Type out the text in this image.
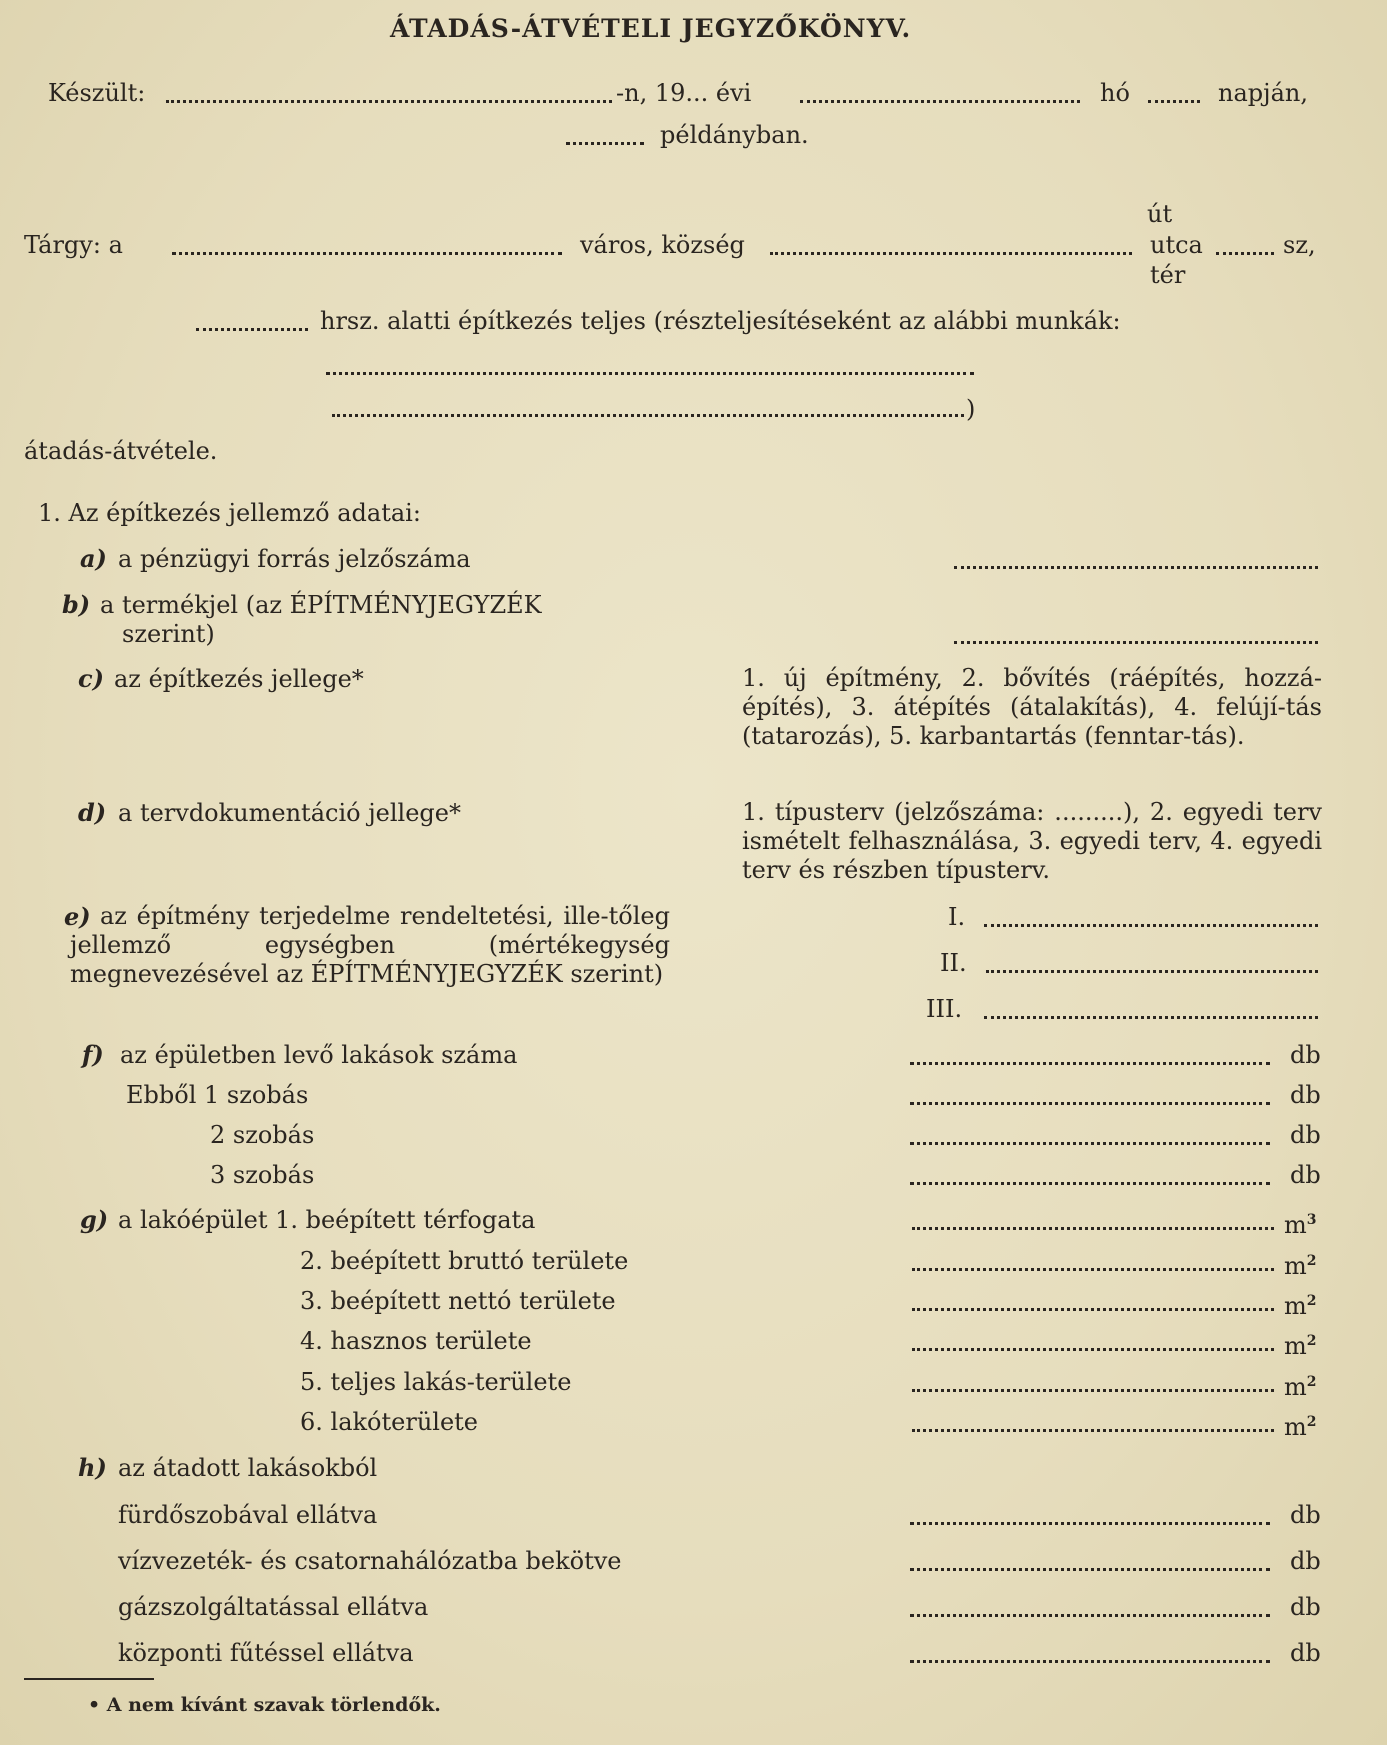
ÁTADÁS-ÁTVÉTELI JEGYZŐKÖNYV.
Készült:	-n, 19... évi	hó	napján,
példányban.
út
Tárgy: a	város, község	utca	sz,
tér
hrsz. alatti építkezés teljes (részteljesítéseként az alábbi munkák:
)
átadás-átvétele.
1. Az építkezés jellemző adatai:
a) a pénzügyi forrás jelzőszáma
b) a termékjel (az ÉPÍTMÉNYJEGYZÉK
szerint)
c) az építkezés jellege*	1. új építmény, 2. bővítés (ráépítés, hozzá-építés), 3. átépítés (átalakítás), 4. felújí-tás (tatarozás), 5. karbantartás (fenntar-tás).
d) a tervdokumentáció jellege*	1. típusterv (jelzőszáma: .........), 2. egyedi terv ismételt felhasználása, 3. egyedi terv, 4. egyedi terv és részben típusterv.
e) az építmény terjedelme rendeltetési, ille-tőleg jellemző egységben (mértékegység megnevezésével az ÉPÍTMÉNYJEGYZÉK szerint)
I.
II.
III.
f) az épületben levő lakások száma	db
Ebből 1 szobás	db
2 szobás	db
3 szobás	db
g) a lakóépület 1. beépített térfogata	$m^3$
2. beépített bruttó területe	$m^2$
3. beépített nettó területe	$m^2$
4. hasznos területe	$m^2$
5. teljes lakás-területe	$m^2$
6. lakóterülete	$m^2$
h) az átadott lakásokból
fürdőszobával ellátva	db
vízvezeték- és csatornahálózatba bekötve	db
gázszolgáltatással ellátva	db
központi fűtéssel ellátva	db
• A nem kívánt szavak törlendők.
